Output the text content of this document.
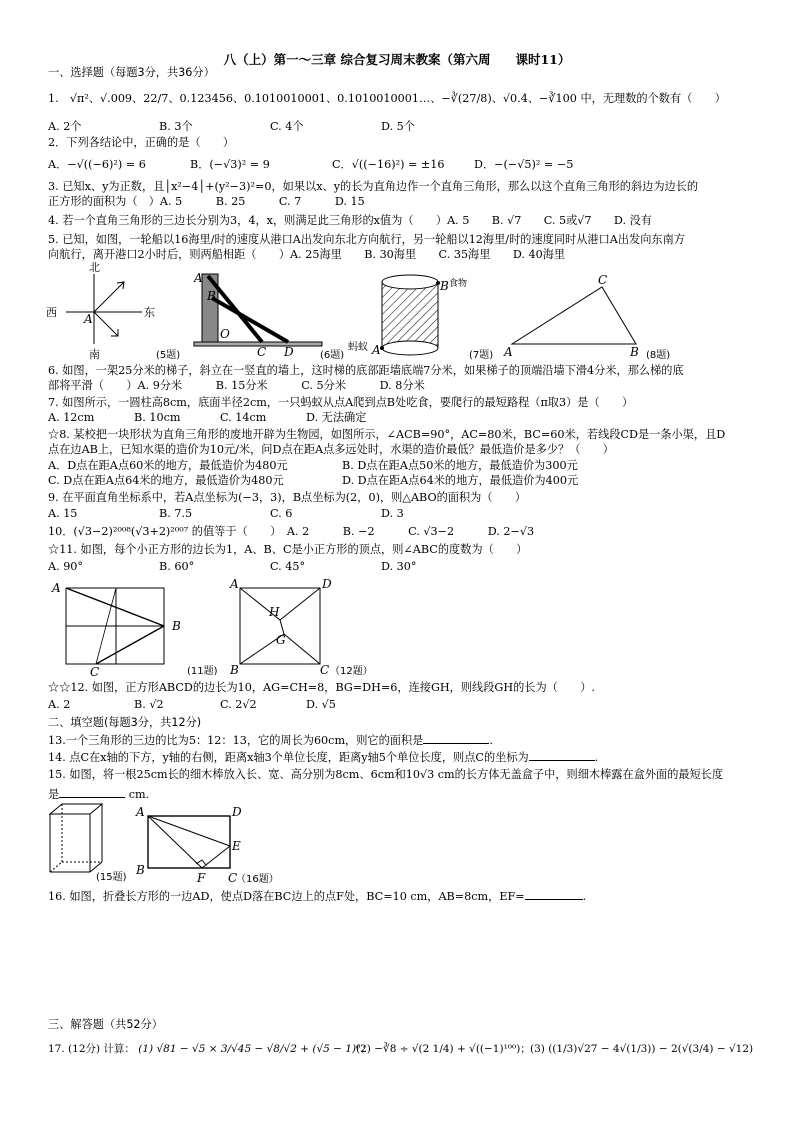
八（上）第一～三章 综合复习周末教案（第六周　　课时11）
一、选择题（每题3分，共36分）
1.　√π²、√.009、22/7、0.123456、0.1010010001、0.1010010001…、−∛(27/8)、√0.4、−∛100 中，无理数的个数有（　　）
A. 2个	B. 3个	C. 4个	D. 5个
2．下列各结论中，正确的是（　　）
A．−√((−6)²) = 6	B．(−√3)² = 9	C．√((−16)²) = ±16	D．−(−√5)² = −5
3. 已知x、y为正数，且│x²−4│+(y²−3)²=0，如果以x、y的长为直角边作一个直角三角形，那么以这个直角三角形的斜边为边长的
正方形的面积为（　）A. 5　　　B. 25　　　C. 7　　　D. 15
4. 若一个直角三角形的三边长分别为3，4，x，则满足此三角形的x值为（　　）A. 5　　B. √7　　C. 5或√7　　D. 没有
5. 已知，如图，一轮船以16海里/时的速度从港口A出发向东北方向航行，另一轮船以12海里/时的速度同时从港口A出发向东南方
向航行，离开港口2小时后，则两船相距（　　）A. 25海里　　B. 30海里　　C. 35海里　　D. 40海里
北
西	东
南
A
(5题)
A
B
O
C D	(6题) A
B 食物
蚂蚁
(7题) A	B
C
(8题)
6. 如图，一架25分米的梯子，斜立在一竖直的墙上，这时梯的底部距墙底端7分米，如果梯子的顶端沿墙下滑4分米，那么梯的底
部将平滑（　　）A. 9分米　　　B. 15分米　　　C. 5分米　　　D. 8分米
7. 如图所示，一圆柱高8cm，底面半径2cm，一只蚂蚁从点A爬到点B处吃食，要爬行的最短路程（π取3）是（　　）
A. 12cm	B. 10cm	C. 14cm	D. 无法确定
☆8. 某校把一块形状为直角三角形的废地开辟为生物园，如图所示，∠ACB=90°，AC=80米，BC=60米，若线段CD是一条小渠，且D
点在边AB上，已知水渠的造价为10元/米，问D点在距A点多远处时，水渠的造价最低？最低造价是多少？（　　）
A．D点在距A点60米的地方，最低造价为480元	B. D点在距A点50米的地方，最低造价为300元
C. D点在距A点64米的地方，最低造价为480元	D. D点在距A点64米的地方，最低造价为400元
9. 在平面直角坐标系中，若A点坐标为(−3，3)，B点坐标为(2，0)，则△ABO的面积为（　　）
A. 15	B. 7.5	C. 6	D. 3
10．(√3−2)²⁰⁰⁸(√3+2)²⁰⁰⁷ 的值等于（　　）　A. 2　　　B. −2　　　C. √3−2　　　D. 2−√3
☆11. 如图，每个小正方形的边长为1，A、B、C是小正方形的顶点，则∠ABC的度数为（　　）
A. 90°	B. 60°	C. 45°	D. 30°
A
B
C
A
B	C
D
H
G
(11题)	（12题）
☆☆12. 如图，正方形ABCD的边长为10，AG=CH=8，BG=DH=6，连接GH，则线段GH的长为（　　）.
A. 2	B. √2	C. 2√2	D. √5
二、填空题(每题3分，共12分)
13.一个三角形的三边的比为5：12：13，它的周长为60cm，则它的面积是	.
14. 点C在x轴的下方，y轴的右侧，距离x轴3个单位长度，距离y轴5个单位长度，则点C的坐标为	.
15. 如图，将一根25cm长的细木棒放入长、宽、高分别为8cm、6cm和10√3 cm的长方体无盖盒子中，则细木棒露在盒外面的最短长度
是	cm.
(15题)
A
B
C
D
E
F	（16题）
16. 如图，折叠长方形的一边AD，使点D落在BC边上的点F处，BC=10 cm，AB=8cm，EF=	.
三、解答题（共52分）
17. (12分) 计算： (1) √81 − √5 × 3/√45 − √8/√2 + (√5 − 1)⁰；
(2) −∛8 ÷ √(2 1/4) + √((−1)¹⁰⁰)； (3) ((1/3)√27 − 4√(1/3)) − 2(√(3/4) − √12)
